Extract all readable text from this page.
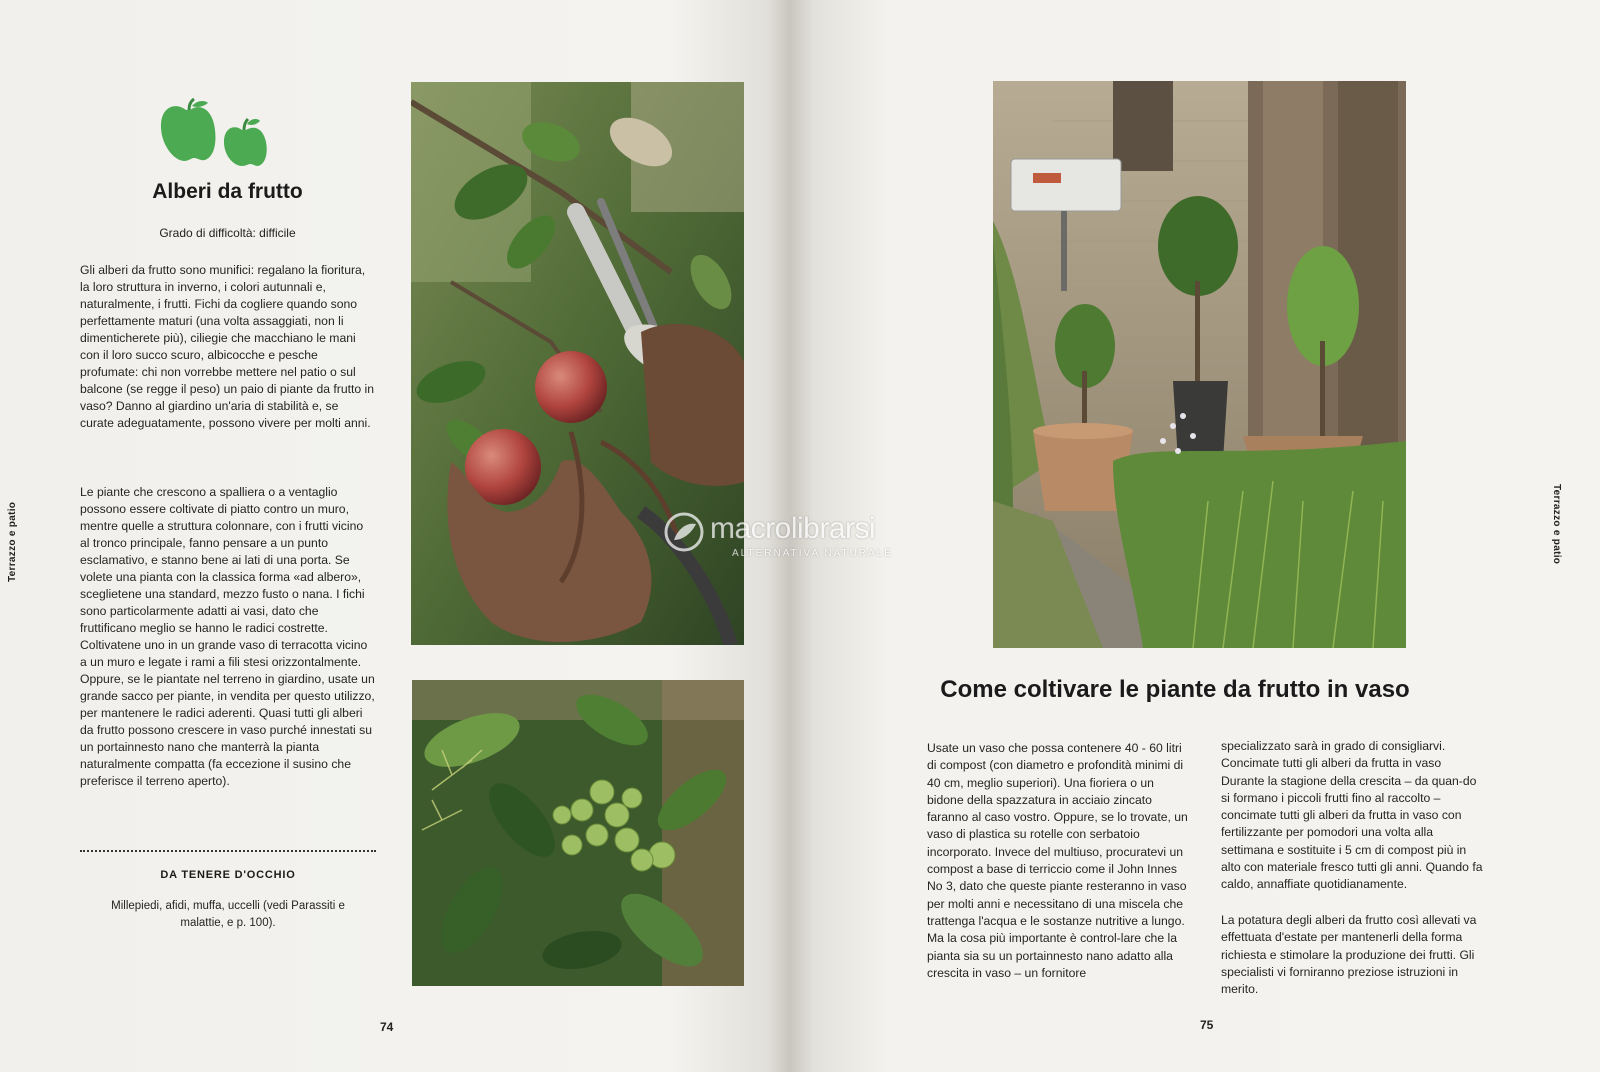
Terrazzo e patio
Alberi da frutto
Grado di difficoltà: difficile

Gli alberi da frutto sono munifici: regalano la fioritura, la loro struttura in inverno, i colori autunnali e, naturalmente, i frutti. Fichi da cogliere quando sono perfettamente maturi (una volta assaggiati, non li dimenticherete più), ciliegie che macchiano le mani con il loro succo scuro, albicocche e pesche profumate: chi non vorrebbe mettere nel patio o sul balcone (se regge il peso) un paio di piante da frutto in vaso? Danno al giardino un'aria di stabilità e, se curate adeguatamente, possono vivere per molti anni.

Le piante che crescono a spalliera o a ventaglio possono essere coltivate di piatto contro un muro, mentre quelle a struttura colonnare, con i frutti vicino al tronco principale, fanno pensare a un punto esclamativo, e stanno bene ai lati di una porta. Se volete una pianta con la classica forma «ad albero», sceglietene una standard, mezzo fusto o nana. I fichi sono particolarmente adatti ai vasi, dato che fruttificano meglio se hanno le radici costrette. Coltivatene uno in un grande vaso di terracotta vicino a un muro e legate i rami a fili stesi orizzontalmente. Oppure, se le piantate nel terreno in giardino, usate un grande sacco per piante, in vendita per questo utilizzo, per mantenere le radici aderenti. Quasi tutti gli alberi da frutto possono crescere in vaso purché innestati su un portainnesto nano che manterrà la pianta naturalmente compatta (fa eccezione il susino che preferisce il terreno aperto).

DA TENERE D'OCCHIO
Millepiedi, afidi, muffa, uccelli (vedi Parassiti e malattie, e p. 100).
74
Terrazzo e patio
Come coltivare le piante da frutto in vaso

Usate un vaso che possa contenere 40 - 60 litri di compost (con diametro e profondità minimi di 40 cm, meglio superiori). Una fioriera o un bidone della spazzatura in acciaio zincato faranno al caso vostro. Oppure, se lo trovate, un vaso di plastica su rotelle con serbatoio incorporato. Invece del multiuso, procuratevi un compost a base di terriccio come il John Innes No 3, dato che queste piante resteranno in vaso per molti anni e necessitano di una miscela che trattenga l'acqua e le sostanze nutritive a lungo. Ma la cosa più importante è control-lare che la pianta sia su un portainnesto nano adatto alla crescita in vaso – un fornitore

specializzato sarà in grado di consigliarvi. Concimate tutti gli alberi da frutta in vaso Durante la stagione della crescita – da quan-do si formano i piccoli frutti fino al raccolto – concimate tutti gli alberi da frutta in vaso con fertilizzante per pomodori una volta alla settimana e sostituite i 5 cm di compost più in alto con materiale fresco tutti gli anni. Quando fa caldo, annaffiate quotidianamente.

La potatura degli alberi da frutto così allevati va effettuata d'estate per mantenerli della forma richiesta e stimolare la produzione dei frutti. Gli specialisti vi forniranno preziose istruzioni in merito.

75
macrolibrarsi
ALTERNATIVA NATURALE
